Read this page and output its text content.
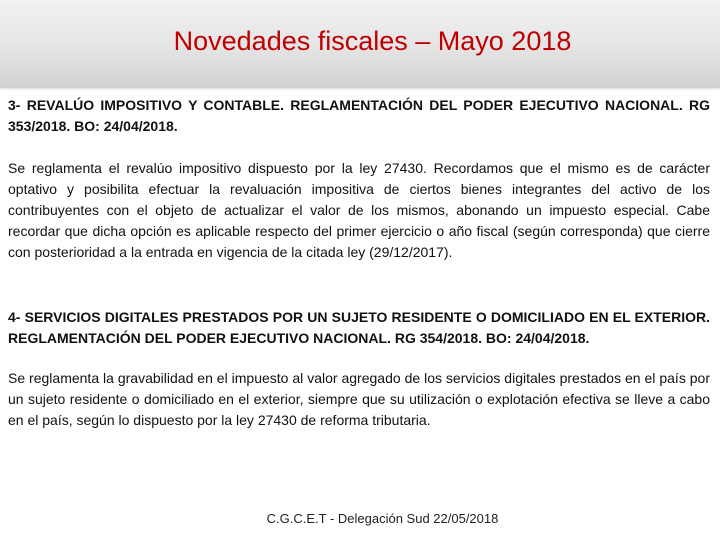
Novedades fiscales – Mayo 2018

3- REVALÚO IMPOSITIVO Y CONTABLE. REGLAMENTACIÓN DEL PODER EJECUTIVO NACIONAL. RG 353/2018. BO: 24/04/2018.

Se reglamenta el revalúo impositivo dispuesto por la ley 27430. Recordamos que el mismo es de carácter optativo y posibilita efectuar la revaluación impositiva de ciertos bienes integrantes del activo de los contribuyentes con el objeto de actualizar el valor de los mismos, abonando un impuesto especial. Cabe recordar que dicha opción es aplicable respecto del primer ejercicio o año fiscal (según corresponda) que cierre con posterioridad a la entrada en vigencia de la citada ley (29/12/2017).

4- SERVICIOS DIGITALES PRESTADOS POR UN SUJETO RESIDENTE O DOMICILIADO EN EL EXTERIOR. REGLAMENTACIÓN DEL PODER EJECUTIVO NACIONAL. RG 354/2018. BO: 24/04/2018.

Se reglamenta la gravabilidad en el impuesto al valor agregado de los servicios digitales prestados en el país por un sujeto residente o domiciliado en el exterior, siempre que su utilización o explotación efectiva se lleve a cabo en el país, según lo dispuesto por la ley 27430 de reforma tributaria.

C.G.C.E.T - Delegación Sud 22/05/2018
